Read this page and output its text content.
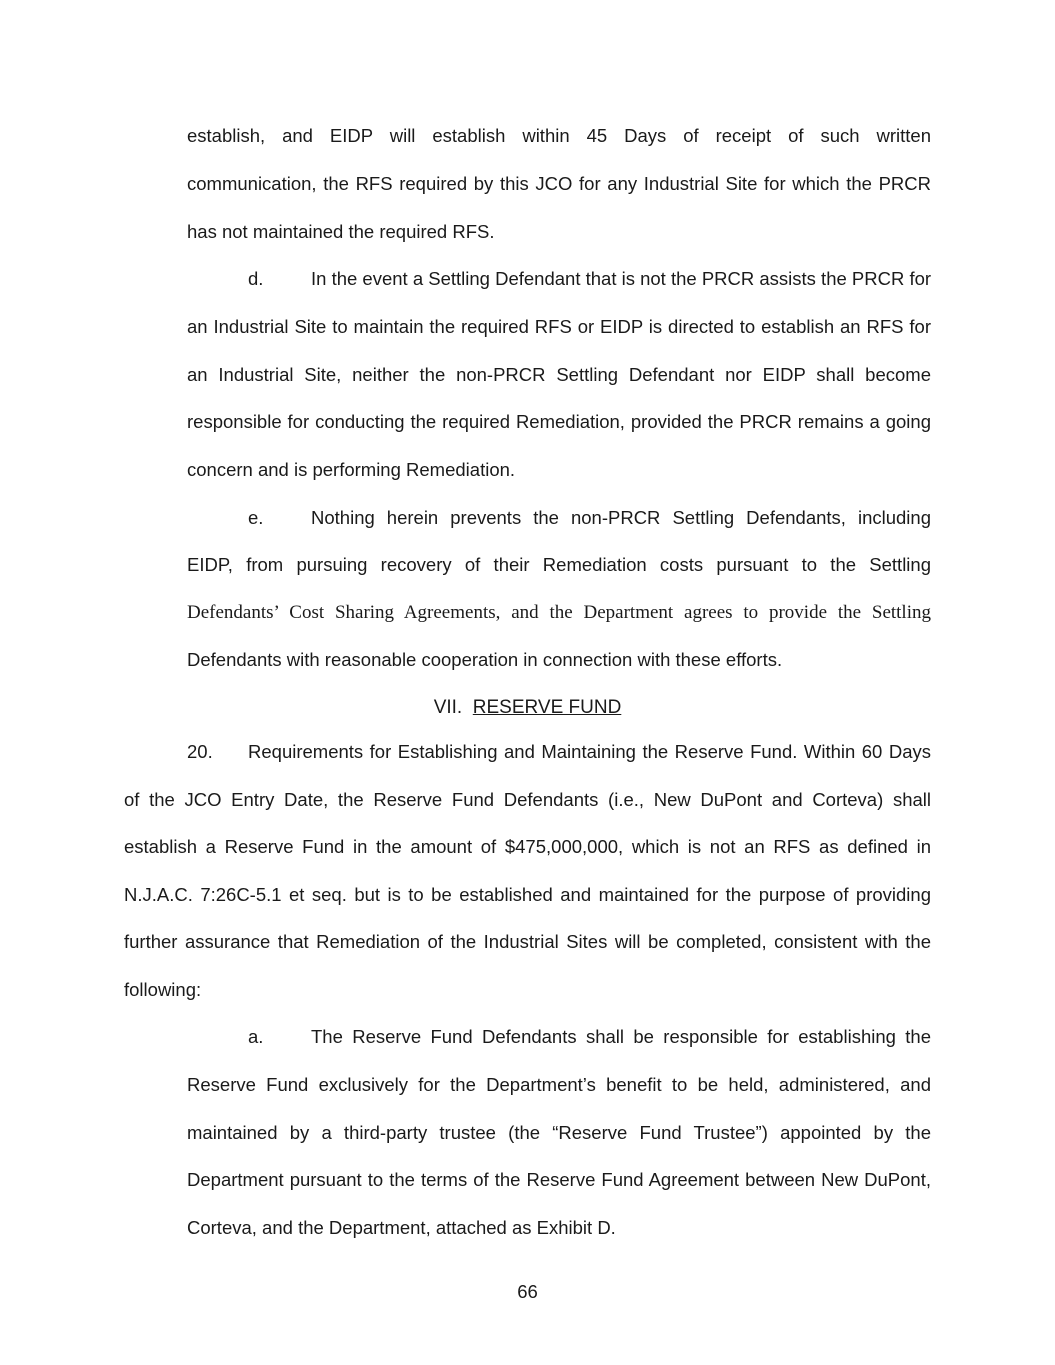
establish, and EIDP will establish within 45 Days of receipt of such written
communication, the RFS required by this JCO for any Industrial Site for which the PRCR
has not maintained the required RFS.
d.	In the event a Settling Defendant that is not the PRCR assists the PRCR for
an Industrial Site to maintain the required RFS or EIDP is directed to establish an RFS for
an Industrial Site, neither the non-PRCR Settling Defendant nor EIDP shall become
responsible for conducting the required Remediation, provided the PRCR remains a going
concern and is performing Remediation.
e.	Nothing herein prevents the non-PRCR Settling Defendants, including
EIDP, from pursuing recovery of their Remediation costs pursuant to the Settling
Defendants’ Cost Sharing Agreements, and the Department agrees to provide the Settling
Defendants with reasonable cooperation in connection with these efforts.
VII. RESERVE FUND
20. Requirements for Establishing and Maintaining the Reserve Fund. Within 60 Days
of the JCO Entry Date, the Reserve Fund Defendants (i.e., New DuPont and Corteva) shall
establish a Reserve Fund in the amount of $475,000,000, which is not an RFS as defined in
N.J.A.C. 7:26C-5.1 et seq. but is to be established and maintained for the purpose of providing
further assurance that Remediation of the Industrial Sites will be completed, consistent with the
following:
a.	The Reserve Fund Defendants shall be responsible for establishing the
Reserve Fund exclusively for the Department’s benefit to be held, administered, and
maintained by a third-party trustee (the “Reserve Fund Trustee”) appointed by the
Department pursuant to the terms of the Reserve Fund Agreement between New DuPont,
Corteva, and the Department, attached as Exhibit D.
66
